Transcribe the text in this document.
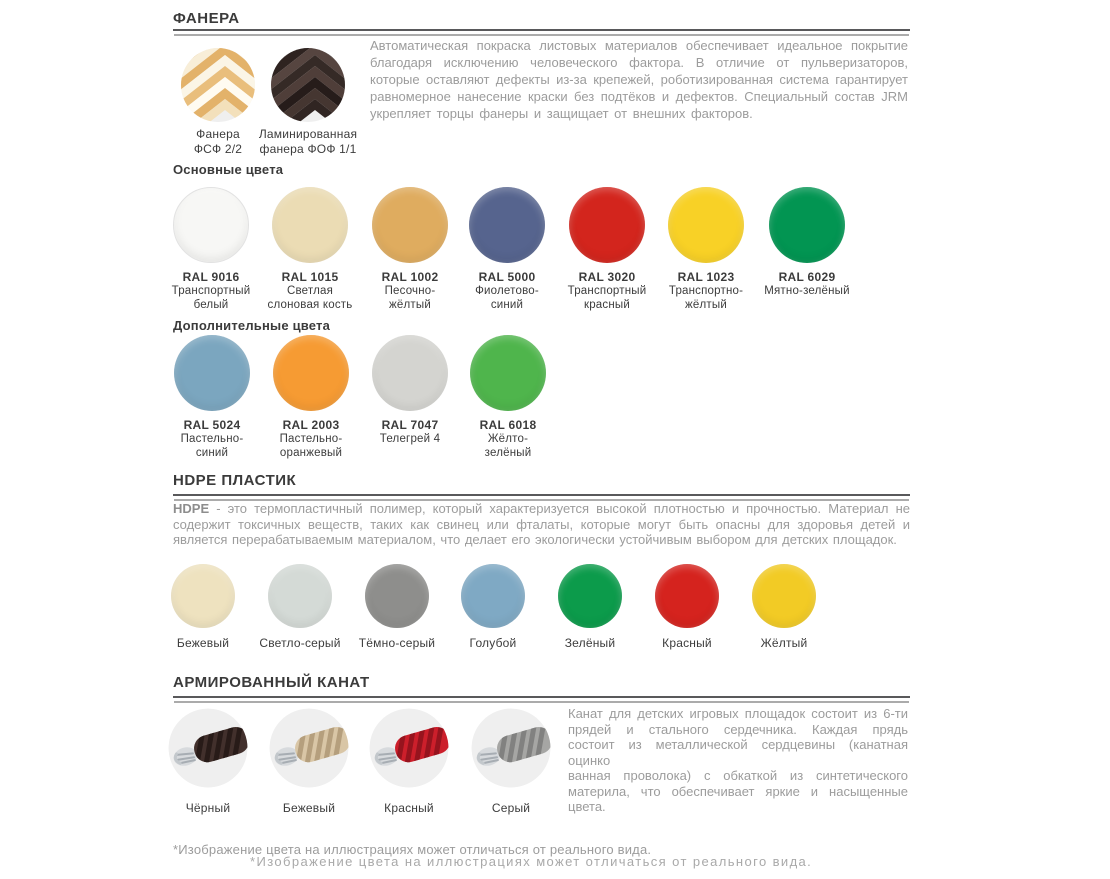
ФАНЕРА
Фанера
ФСФ 2/2
Ламинированная
фанера ФОФ 1/1
Автоматическая покраска листовых материалов обеспечивает идеальное покрытие благодаря исключению человеческого фактора. В отличие от пульверизаторов, которые оставляют дефекты из-за крепежей, роботизированная система гарантирует равномерное нанесение краски без подтёков и дефектов. Специальный состав JRM укрепляет торцы фанеры и защищает от внешних факторов.
Основные цвета
RAL 9016
Транспортный
белый
RAL 1015
Светлая
слоновая кость
RAL 1002
Песочно-
жёлтый
RAL 5000
Фиолетово-
синий
RAL 3020
Транспортный
красный
RAL 1023
Транспортно-
жёлтый
RAL 6029
Мятно-зелёный
Дополнительные цвета
RAL 5024
Пастельно-
синий
RAL 2003
Пастельно-
оранжевый
RAL 7047
Телегрей 4
RAL 6018
Жёлто-
зелёный
HDPE ПЛАСТИК
HDPE - это термопластичный полимер, который характеризуется высокой плотностью и прочностью. Материал не содержит токсичных веществ, таких как свинец или фталаты, которые могут быть опасны для здоровья детей и является перерабатываемым материалом, что делает его экологически устойчивым выбором для детских площадок.
Бежевый	Светло-серый	Тёмно-серый	Голубой	Зелёный	Красный	Жёлтый
АРМИРОВАННЫЙ КАНАТ
Чёрный	Бежевый	Красный	Серый
Канат для детских игровых площадок состоит из 6-ти прядей и стального сердечника. Каждая прядь состоит из металлической сердцевины (канатная оцинко
ванная проволока) с обкаткой из синтетического материла, что обеспечивает яркие и насыщенные цвета.
*Изображение цвета на иллюстрациях может отличаться от реального вида.
*Изображение цвета на иллюстрациях может отличаться от реального вида.
